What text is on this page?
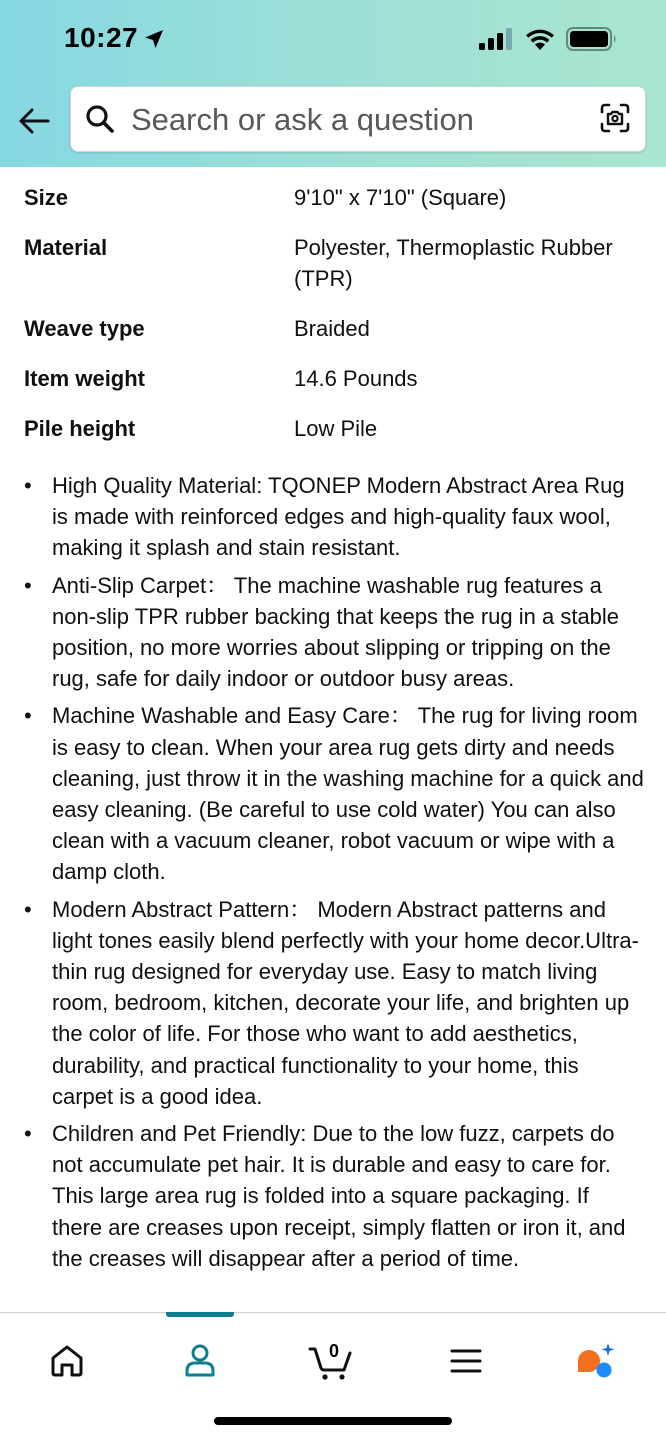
10:27
Search or ask a question
Size	9'10" x 7'10" (Square)
Material	Polyester, Thermoplastic Rubber (TPR)
Weave type	Braided
Item weight	14.6 Pounds
Pile height	Low Pile
• High Quality Material: TQONEP Modern Abstract Area Rug is made with reinforced edges and high-quality faux wool, making it splash and stain resistant.
• Anti-Slip Carpet： The machine washable rug features a non-slip TPR rubber backing that keeps the rug in a stable position, no more worries about slipping or tripping on the rug, safe for daily indoor or outdoor busy areas.
• Machine Washable and Easy Care： The rug for living room is easy to clean. When your area rug gets dirty and needs cleaning, just throw it in the washing machine for a quick and easy cleaning. (Be careful to use cold water) You can also clean with a vacuum cleaner, robot vacuum or wipe with a damp cloth.
• Modern Abstract Pattern： Modern Abstract patterns and light tones easily blend perfectly with your home decor.Ultra-thin rug designed for everyday use. Easy to match living room, bedroom, kitchen, decorate your life, and brighten up the color of life. For those who want to add aesthetics, durability, and practical functionality to your home, this carpet is a good idea.
• Children and Pet Friendly: Due to the low fuzz, carpets do not accumulate pet hair. It is durable and easy to care for. This large area rug is folded into a square packaging. If there are creases upon receipt, simply flatten or iron it, and the creases will disappear after a period of time.
0
